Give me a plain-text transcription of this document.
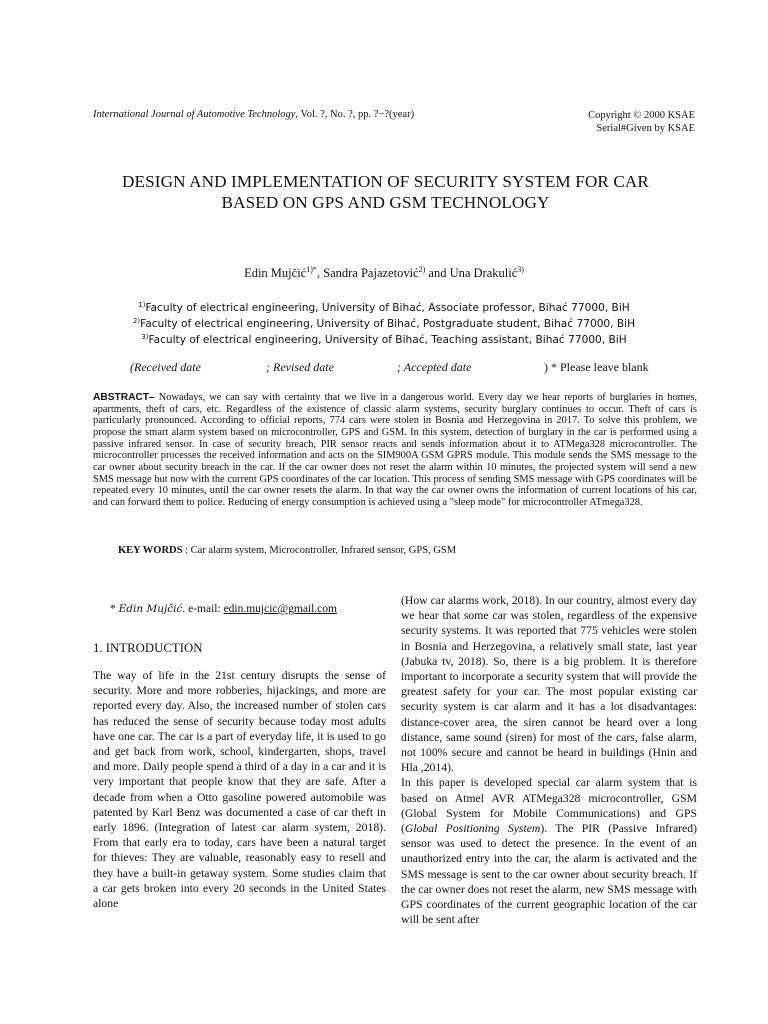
International Journal of Automotive Technology, Vol. ?, No. ?, pp. ?−?(year)	Copyright © 2000 KSAE
Serial#Given by KSAE
DESIGN AND IMPLEMENTATION OF SECURITY SYSTEM FOR CAR
BASED ON GPS AND GSM TECHNOLOGY
Edin Mujčić$^{1)*}$, Sandra Pajazetović$^{2)}$ and Una Drakulić$^{3)}$
$^{1)}$Faculty of electrical engineering, University of Bihać, Associate professor, Bihać 77000, BiH
$^{2)}$Faculty of electrical engineering, University of Bihać, Postgraduate student, Bihać 77000, BiH
$^{3)}$Faculty of electrical engineering, University of Bihać, Teaching assistant, Bihać 77000, BiH
(Received date	; Revised date	; Accepted date	) * Please leave blank
ABSTRACT– Nowadays, we can say with certainty that we live in a dangerous world. Every day we hear reports of burglaries in homes, apartments, theft of cars, etc. Regardless of the existence of classic alarm systems, security burglary continues to occur. Theft of cars is particularly pronounced. According to official reports, 774 cars were stolen in Bosnia and Herzegovina in 2017. To solve this problem, we propose the smart alarm system based on microcontroller, GPS and GSM. In this system, detection of burglary in the car is performed using a passive infrared sensor. In case of security breach, PIR sensor reacts and sends information about it to ATMega328 microcontroller. The microcontroller processes the received information and acts on the SIM900A GSM GPRS module. This module sends the SMS message to the car owner about security breach in the car. If the car owner does not reset the alarm within 10 minutes, the projected system will send a new SMS message but now with the current GPS coordinates of the car location. This process of sending SMS message with GPS coordinates will be repeated every 10 minutes, until the car owner resets the alarm. In that way the car owner owns the information of current locations of his car, and can forward them to police. Reducing of energy consumption is achieved using a "sleep mode" for microcontroller ATmega328.
KEY WORDS : Car alarm system, Microcontroller, Infrared sensor, GPS, GSM
* Edin Mujčić. e-mail: edin.mujcic@gmail.com
1. INTRODUCTION

The way of life in the 21st century disrupts the sense of security. More and more robberies, hijackings, and more are reported every day. Also, the increased number of stolen cars has reduced the sense of security because today most adults have one car. The car is a part of everyday life, it is used to go and get back from work, school, kindergarten, shops, travel and more. Daily people spend a third of a day in a car and it is very important that people know that they are safe. After a decade from when a Otto gasoline powered automobile was patented by Karl Benz was documented a case of car theft in early 1896. (Integration of latest car alarm system, 2018). From that early era to today, cars have been a natural target for thieves: They are valuable, reasonably easy to resell and they have a built-in getaway system. Some studies claim that a car gets broken into every 20 seconds in the United States alone

(How car alarms work, 2018). In our country, almost every day we hear that some car was stolen, regardless of the expensive security systems. It was reported that 775 vehicles were stolen in Bosnia and Herzegovina, a relatively small state, last year (Jabuka tv, 2018). So, there is a big problem. It is therefore important to incorporate a security system that will provide the greatest safety for your car. The most popular existing car security system is car alarm and it has a lot disadvantages: distance-cover area, the siren cannot be heard over a long distance, same sound (siren) for most of the cars, false alarm, not 100% secure and cannot be heard in buildings (Hnin and Hla ,2014).

In this paper is developed special car alarm system that is based on Atmel AVR ATMega328 microcontroller, GSM (Global System for Mobile Communications) and GPS (Global Positioning System). The PIR (Passive Infrared) sensor was used to detect the presence. In the event of an unauthorized entry into the car, the alarm is activated and the SMS message is sent to the car owner about security breach. If the car owner does not reset the alarm, new SMS message with GPS coordinates of the current geographic location of the car will be sent after
